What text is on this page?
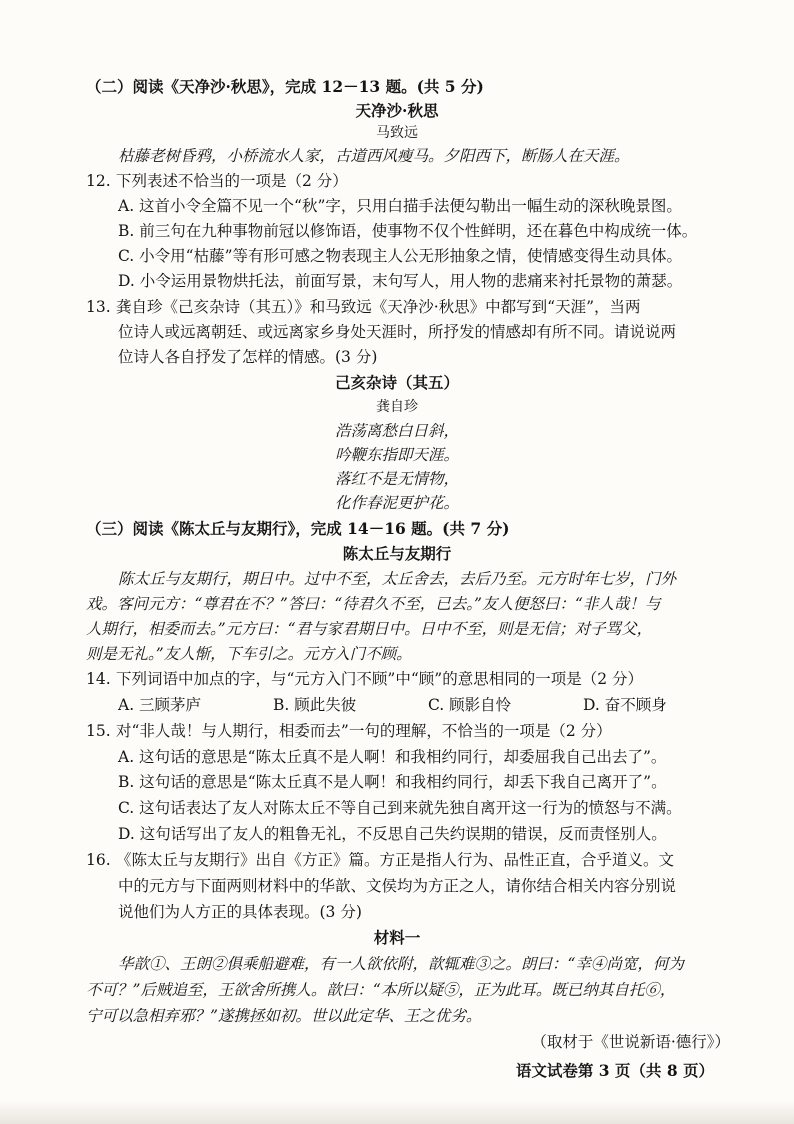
（二）阅读《天净沙·秋思》，完成 12－13 题。(共 5 分)
天净沙·秋思
马致远
枯藤老树昏鸦，小桥流水人家，古道西风瘦马。夕阳西下，断肠人在天涯。
12. 下列表述不恰当的一项是（2 分）
A. 这首小令全篇不见一个“秋”字，只用白描手法便勾勒出一幅生动的深秋晚景图。
B. 前三句在九种事物前冠以修饰语，使事物不仅个性鲜明，还在暮色中构成统一体。
C. 小令用“枯藤”等有形可感之物表现主人公无形抽象之情，使情感变得生动具体。
D. 小令运用景物烘托法，前面写景，末句写人，用人物的悲痛来衬托景物的萧瑟。
13. 龚自珍《己亥杂诗（其五）》和马致远《天净沙·秋思》中都写到“天涯”，当两
位诗人或远离朝廷、或远离家乡身处天涯时，所抒发的情感却有所不同。请说说两
位诗人各自抒发了怎样的情感。(3 分)
己亥杂诗（其五）
龚自珍
浩荡离愁白日斜，
吟鞭东指即天涯。
落红不是无情物，
化作春泥更护花。
（三）阅读《陈太丘与友期行》，完成 14－16 题。(共 7 分)
陈太丘与友期行
陈太丘与友期行，期日中。过中不至，太丘舍去，去后乃至。元方时年七岁，门外
戏。客问元方：“尊君在不？”答曰：“待君久不至，已去。”友人便怒曰：“非人哉！与
人期行，相委而去。”元方曰：“君与家君期日中。日中不至，则是无信；对子骂父，
则是无礼。”友人惭，下车引之。元方入门不顾。
14. 下列词语中加点的字，与“元方入门不顾”中“顾”的意思相同的一项是（2 分）
A. 三顾茅庐	B. 顾此失彼	C. 顾影自怜	D. 奋不顾身
15. 对“非人哉！与人期行，相委而去”一句的理解，不恰当的一项是（2 分）
A. 这句话的意思是“陈太丘真不是人啊！和我相约同行，却委屈我自己出去了”。
B. 这句话的意思是“陈太丘真不是人啊！和我相约同行，却丢下我自己离开了”。
C. 这句话表达了友人对陈太丘不等自己到来就先独自离开这一行为的愤怒与不满。
D. 这句话写出了友人的粗鲁无礼，不反思自己失约误期的错误，反而责怪别人。
16. 《陈太丘与友期行》出自《方正》篇。方正是指人行为、品性正直，合乎道义。文
中的元方与下面两则材料中的华歆、文侯均为方正之人，请你结合相关内容分别说
说他们为人方正的具体表现。(3 分)
材料一
华歆①、王朗②俱乘船避难，有一人欲依附，歆辄难③之。朗曰：“幸④尚宽，何为
不可？”后贼追至，王欲舍所携人。歆曰：“本所以疑⑤，正为此耳。既已纳其自托⑥，
宁可以急相弃邪？”遂携拯如初。世以此定华、王之优劣。
（取材于《世说新语·德行》）
语文试卷第 3 页（共 8 页）
